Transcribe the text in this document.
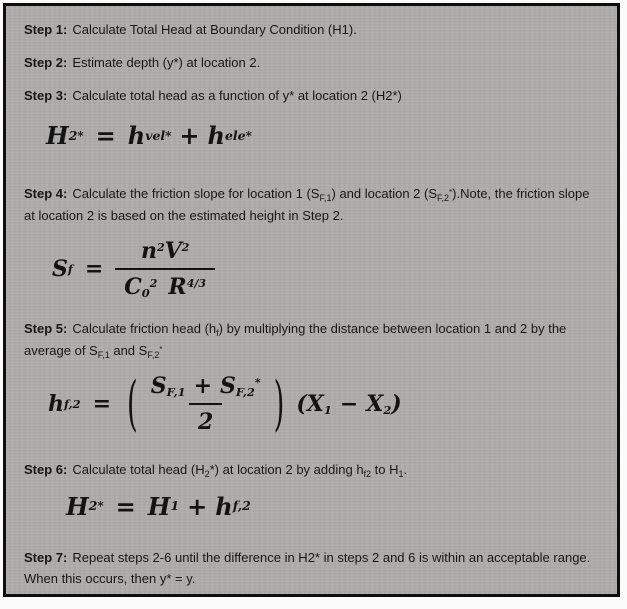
Step 1: Calculate Total Head at Boundary Condition (H1).

Step 2: Estimate depth (y*) at location 2.

Step 3: Calculate total head as a function of y* at location 2 (H2*)

H 2 * = h vel * + h ele *

Step 4: Calculate the friction slope for location 1 $(S_{F,1})$ and location 2 $(S_{F,2}^*).Note$, the friction slope at location 2 is based on the estimated height in Step 2.

S $f = \frac{n^2V^2}{C0^2 R^{4/3}}$

Step 5: Calculate friction head $(h_f)$ by multiplying the distance between location 1 and 2 by the average of $S_{F,1}$ and $S_{F,2}^*$

h f,2 = ( $\frac{SF,1 + SF,2^*}{2}$ ) (X1 − X2)

Step 6: Calculate total head $(H_2*)$ at location 2 by adding $h_{f2}$ to $H_1$.

H 2 * = H 1 + h f,2

Step 7: Repeat steps 2-6 until the difference in H2* in steps 2 and 6 is within an acceptable range. When this occurs, then y* = y.
